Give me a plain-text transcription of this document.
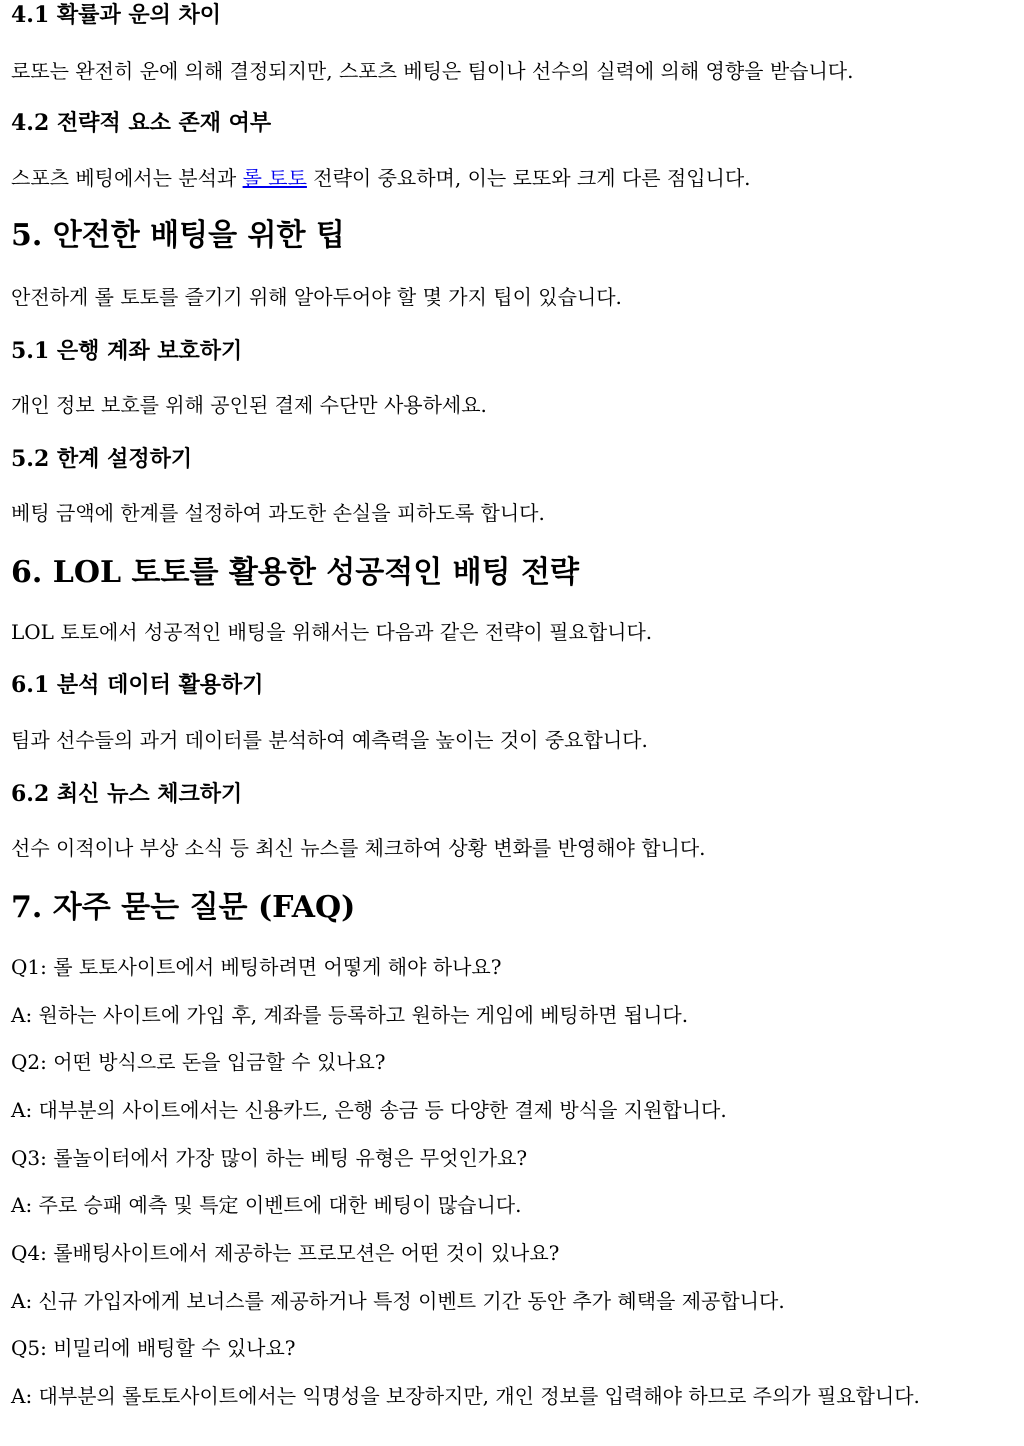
4.1 확률과 운의 차이

로또는 완전히 운에 의해 결정되지만, 스포츠 베팅은 팀이나 선수의 실력에 의해 영향을 받습니다.

4.2 전략적 요소 존재 여부

스포츠 베팅에서는 분석과 롤 토토 전략이 중요하며, 이는 로또와 크게 다른 점입니다.

5. 안전한 배팅을 위한 팁

안전하게 롤 토토를 즐기기 위해 알아두어야 할 몇 가지 팁이 있습니다.

5.1 은행 계좌 보호하기

개인 정보 보호를 위해 공인된 결제 수단만 사용하세요.

5.2 한계 설정하기

베팅 금액에 한계를 설정하여 과도한 손실을 피하도록 합니다.

6. LOL 토토를 활용한 성공적인 배팅 전략

LOL 토토에서 성공적인 배팅을 위해서는 다음과 같은 전략이 필요합니다.

6.1 분석 데이터 활용하기

팀과 선수들의 과거 데이터를 분석하여 예측력을 높이는 것이 중요합니다.

6.2 최신 뉴스 체크하기

선수 이적이나 부상 소식 등 최신 뉴스를 체크하여 상황 변화를 반영해야 합니다.

7. 자주 묻는 질문 (FAQ)

Q1: 롤 토토사이트에서 베팅하려면 어떻게 해야 하나요?

A: 원하는 사이트에 가입 후, 계좌를 등록하고 원하는 게임에 베팅하면 됩니다.

Q2: 어떤 방식으로 돈을 입금할 수 있나요?

A: 대부분의 사이트에서는 신용카드, 은행 송금 등 다양한 결제 방식을 지원합니다.

Q3: 롤놀이터에서 가장 많이 하는 베팅 유형은 무엇인가요?

A: 주로 승패 예측 및 특定 이벤트에 대한 베팅이 많습니다.

Q4: 롤배팅사이트에서 제공하는 프로모션은 어떤 것이 있나요?

A: 신규 가입자에게 보너스를 제공하거나 특정 이벤트 기간 동안 추가 혜택을 제공합니다.

Q5: 비밀리에 배팅할 수 있나요?

A: 대부분의 롤토토사이트에서는 익명성을 보장하지만, 개인 정보를 입력해야 하므로 주의가 필요합니다.
